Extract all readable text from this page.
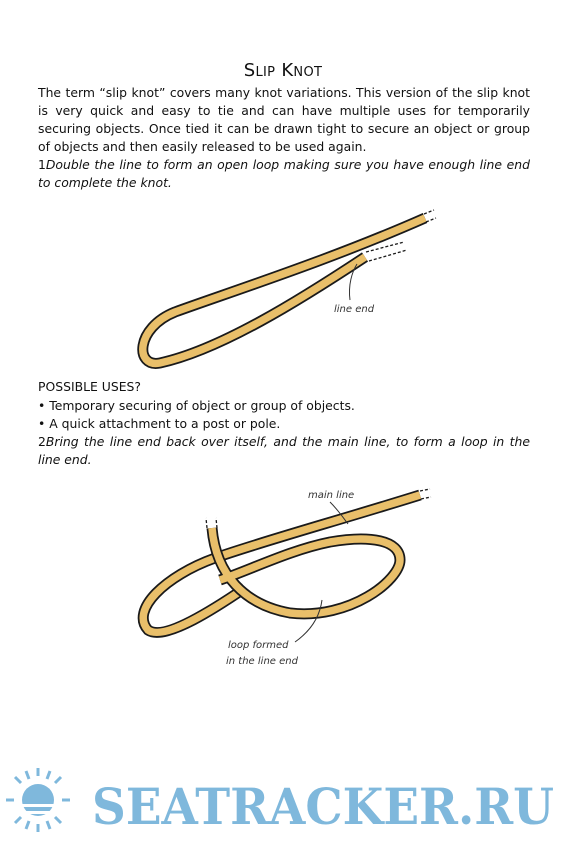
Slip Knot
The term “slip knot” covers many knot variations. This version of the slip knot is very quick and easy to tie and can have multiple uses for temporarily securing objects. Once tied it can be drawn tight to secure an object or group of objects and then easily released to be used again.
1Double the line to form an open loop making sure you have enough line end to complete the knot.
line end
POSSIBLE USES?
• Temporary securing of object or group of objects.
• A quick attachment to a post or pole.
2Bring the line end back over itself, and the main line, to form a loop in the line end.
main line
loop formed
in the line end
SEATRACKER.RU
